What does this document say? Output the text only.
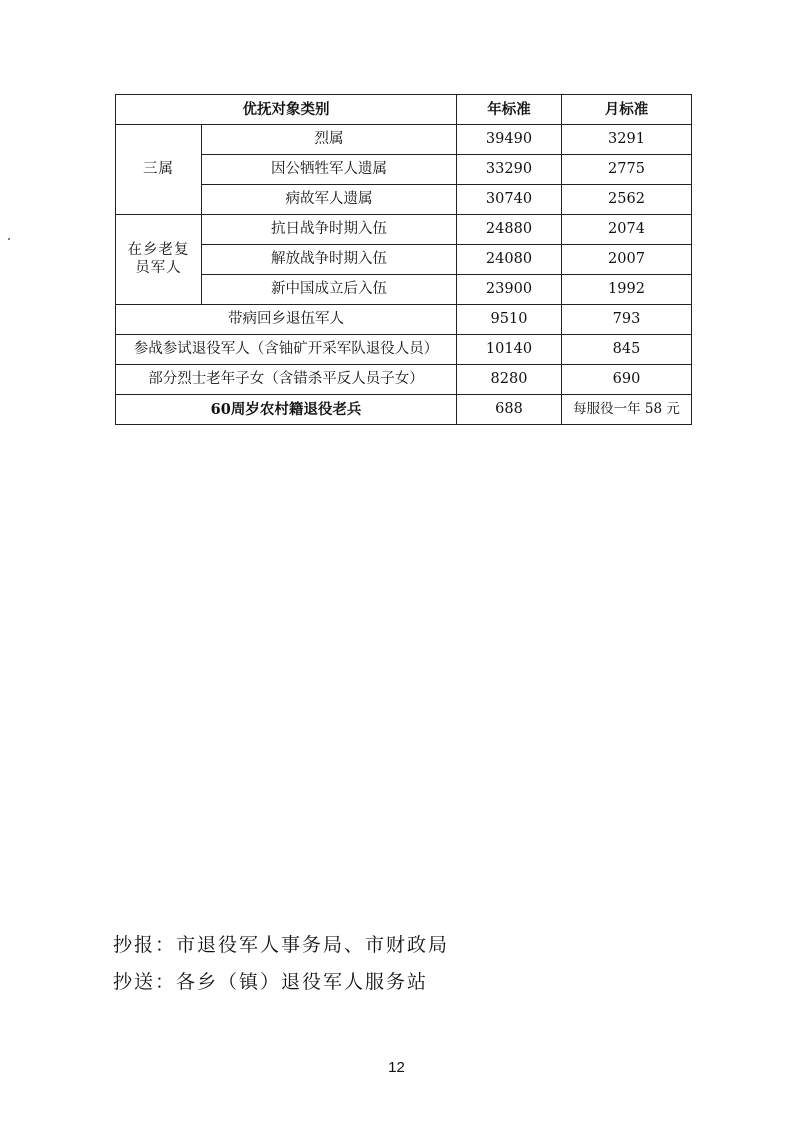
优抚对象类别		年标准	月标准
三属	烈属	39490	3291
	因公牺牲军人遗属	33290	2775
	病故军人遗属	30740	2562
在乡老复
员军人	抗日战争时期入伍	24880	2074
	解放战争时期入伍	24080	2007
	新中国成立后入伍	23900	1992
带病回乡退伍军人		9510	793
参战参试退役军人（含铀矿开采军队退役人员）		10140	845
部分烈士老年子女（含错杀平反人员子女）		8280	690
60周岁农村籍退役老兵		688	每服役一年 58 元
抄报：市退役军人事务局、市财政局
抄送：各乡（镇）退役军人服务站
12
